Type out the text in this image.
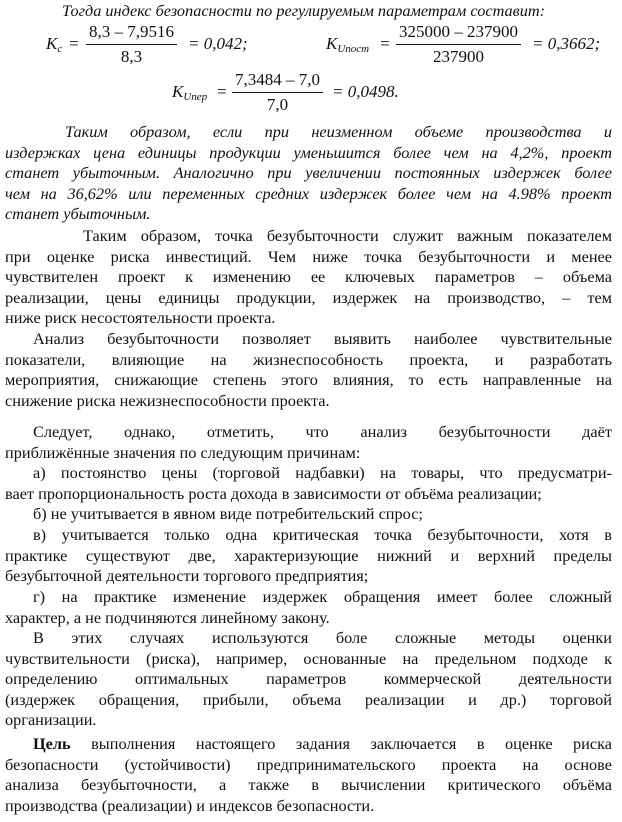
Тогда индекс безопасности по регулируемым параметрам составит:
$K_c = \frac{8,3 - 7,9516}{8,3} = 0,042$;	$K_{Uпост} = \frac{325000 - 237900}{237900} = 0,3662$;
$K_{Uпер} = \frac{7,3484 - 7,0}{7,0} = 0,0498$.
Таким образом, если при неизменном объеме производства и
издержках цена единицы продукции уменьшится более чем на 4,2%, проект
станет убыточным. Аналогично при увеличении постоянных издержек более
чем на 36,62% или переменных средних издержек более чем на 4.98% проект
станет убыточным.
Таким образом, точка безубыточности служит важным показателем
при оценке риска инвестиций. Чем ниже точка безубыточности и менее
чувствителен проект к изменению ее ключевых параметров – объема
реализации, цены единицы продукции, издержек на производство, – тем
ниже риск несостоятельности проекта.
Анализ безубыточности позволяет выявить наиболее чувствительные
показатели, влияющие на жизнеспособность проекта, и разработать
мероприятия, снижающие степень этого влияния, то есть направленные на
снижение риска нежизнеспособности проекта.
Следует, однако, отметить, что анализ безубыточности даёт
приближённые значения по следующим причинам:
а) постоянство цены (торговой надбавки) на товары, что предусматри-
вает пропорциональность роста дохода в зависимости от объёма реализации;
б) не учитывается в явном виде потребительский спрос;
в) учитывается только одна критическая точка безубыточности, хотя в
практике существуют две, характеризующие нижний и верхний пределы
безубыточной деятельности торгового предприятия;
г) на практике изменение издержек обращения имеет более сложный
характер, а не подчиняются линейному закону.
В этих случаях используются боле сложные методы оценки
чувствительности (риска), например, основанные на предельном подходе к
определению оптимальных параметров коммерческой деятельности
(издержек обращения, прибыли, объема реализации и др.) торговой
организации.
Цель выполнения настоящего задания заключается в оценке риска
безопасности (устойчивости) предпринимательского проекта на основе
анализа безубыточности, а также в вычислении критического объёма
производства (реализации) и индексов безопасности.
